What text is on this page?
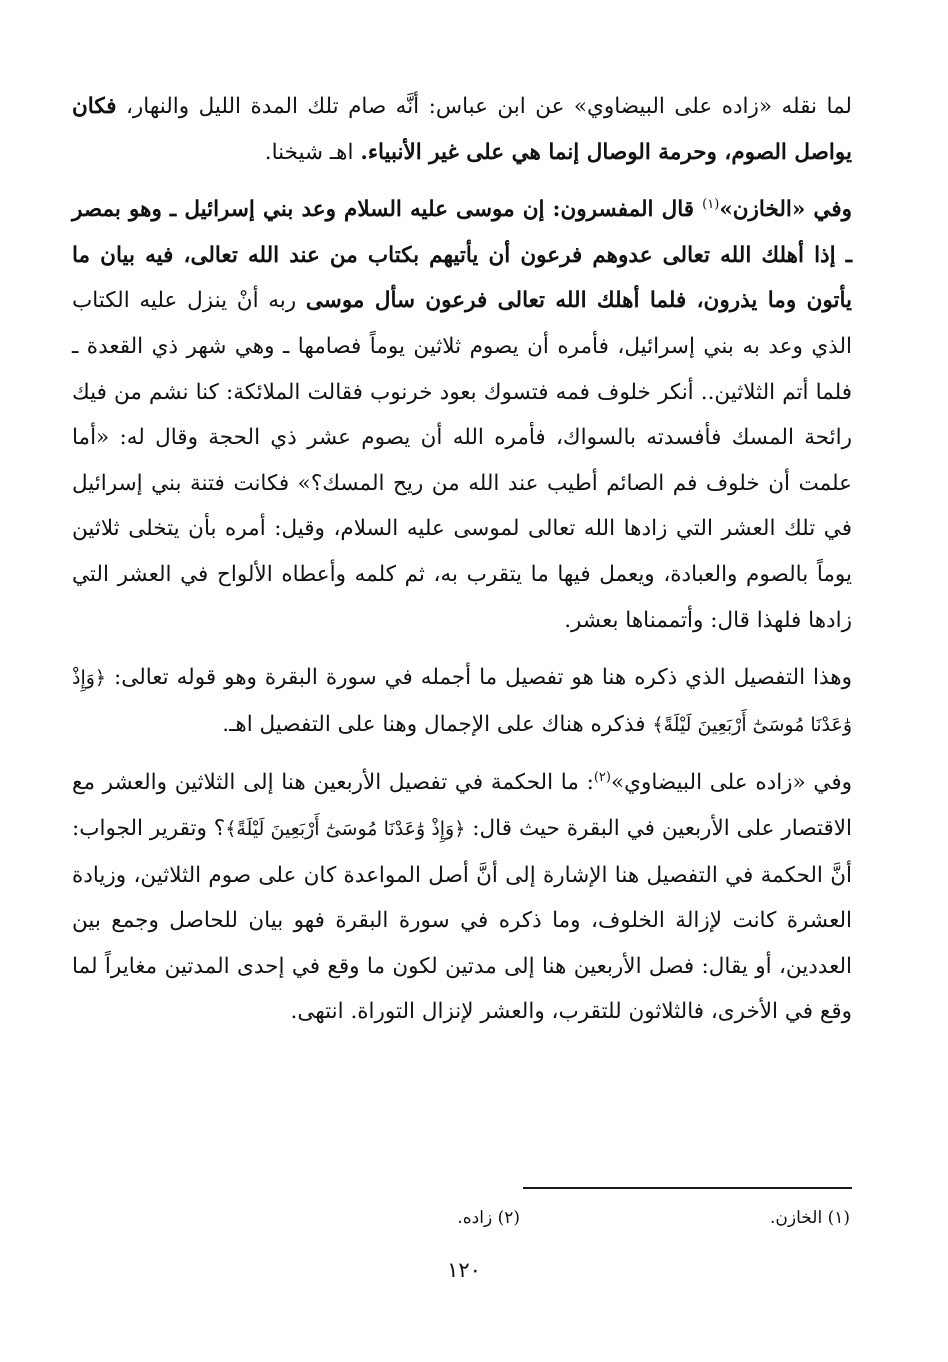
لما نقله «زاده على البيضاوي» عن ابن عباس: أنَّه صام تلك المدة الليل والنهار، فكان يواصل الصوم، وحرمة الوصال إنما هي على غير الأنبياء. اهـ شيخنا.

وفي «الخازن»$^{(١)}$ قال المفسرون: إن موسى عليه السلام وعد بني إسرائيل ـ وهو بمصر ـ إذا أهلك الله تعالى عدوهم فرعون أن يأتيهم بكتاب من عند الله تعالى، فيه بيان ما يأتون وما يذرون، فلما أهلك الله تعالى فرعون سأل موسى ربه أنْ ينزل عليه الكتاب الذي وعد به بني إسرائيل، فأمره أن يصوم ثلاثين يوماً فصامها ـ وهي شهر ذي القعدة ـ فلما أتم الثلاثين.. أنكر خلوف فمه فتسوك بعود خرنوب فقالت الملائكة: كنا نشم من فيك رائحة المسك فأفسدته بالسواك، فأمره الله أن يصوم عشر ذي الحجة وقال له: «أما علمت أن خلوف فم الصائم أطيب عند الله من ريح المسك؟» فكانت فتنة بني إسرائيل في تلك العشر التي زادها الله تعالى لموسى عليه السلام، وقيل: أمره بأن يتخلى ثلاثين يوماً بالصوم والعبادة، ويعمل فيها ما يتقرب به، ثم كلمه وأعطاه الألواح في العشر التي زادها فلهذا قال: وأتممناها بعشر.

وهذا التفصيل الذي ذكره هنا هو تفصيل ما أجمله في سورة البقرة وهو قوله تعالى: ﴿وَإِذْ وَٰعَدْنَا مُوسَىٰٓ أَرْبَعِينَ لَيْلَةً﴾ فذكره هناك على الإجمال وهنا على التفصيل اهـ.

وفي «زاده على البيضاوي»$^{(٢)}$: ما الحكمة في تفصيل الأربعين هنا إلى الثلاثين والعشر مع الاقتصار على الأربعين في البقرة حيث قال: ﴿وَإِذْ وَٰعَدْنَا مُوسَىٰٓ أَرْبَعِينَ لَيْلَةً﴾؟ وتقرير الجواب: أنَّ الحكمة في التفصيل هنا الإشارة إلى أنَّ أصل المواعدة كان على صوم الثلاثين، وزيادة العشرة كانت لإزالة الخلوف، وما ذكره في سورة البقرة فهو بيان للحاصل وجمع بين العددين، أو يقال: فصل الأربعين هنا إلى مدتين لكون ما وقع في إحدى المدتين مغايراً لما وقع في الأخرى، فالثلاثون للتقرب، والعشر لإنزال التوراة. انتهى.

(١) الخازن.
(٢) زاده.
١٢٠
